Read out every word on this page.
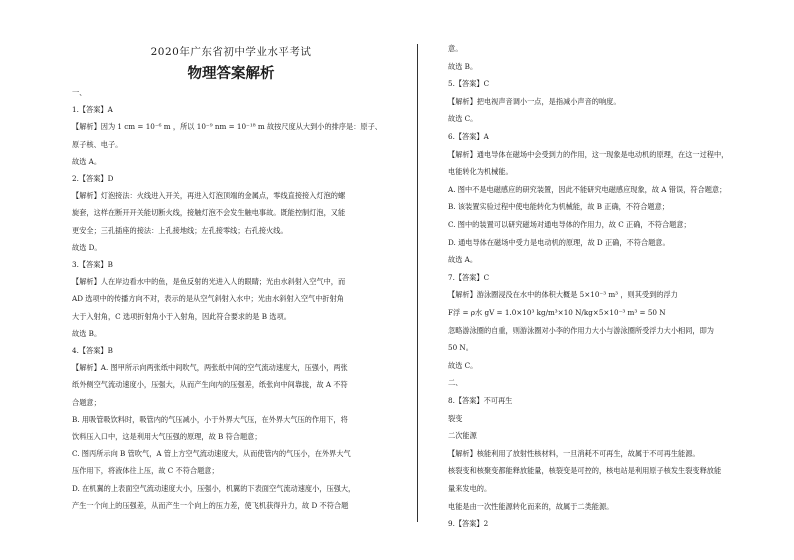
2020年广东省初中学业水平考试
物理答案解析
一、
1.【答案】A
【解析】因为 1 cm = 10⁻⁶ m ，所以 10⁻⁹ nm = 10⁻¹⁸ m 故按尺度从大到小的排序是：原子、
原子核、电子。
故选 A。
2.【答案】D
【解析】灯泡接法：火线进入开关，再进入灯泡顶端的金属点，零线直接接入灯泡的螺
旋套，这样在断开开关能切断火线，接触灯泡不会发生触电事故。既能控制灯泡，又能
更安全；三孔插座的接法：上孔接地线；左孔接零线；右孔接火线。
故选 D。
3.【答案】B
【解析】人在岸边看水中的鱼，是鱼反射的光进入人的眼睛；光由水斜射入空气中，而
AD 选项中的传播方向不对，表示的是从空气斜射入水中；光由水斜射入空气中折射角
大于入射角，C 选项折射角小于入射角，因此符合要求的是 B 选项。
故选 B。
4.【答案】B
【解析】A. 图甲所示向两张纸中间吹气，两张纸中间的空气流动速度大，压强小，两张
纸外侧空气流动速度小，压强大，从而产生向内的压强差，纸张向中间靠拢，故 A 不符
合题意；
B. 用吸管吸饮料时，吸管内的气压减小，小于外界大气压，在外界大气压的作用下，将
饮料压入口中，这是利用大气压强的原理，故 B 符合题意；
C. 图丙所示向 B 管吹气，A 管上方空气流动速度大，从而使管内的气压小，在外界大气
压作用下，将液体往上压，故 C 不符合题意；
D. 在机翼的上表面空气流动速度大小，压强小，机翼的下表面空气流动速度小，压强大，
产生一个向上的压强差，从而产生一个向上的压力差，使飞机获得升力，故 D 不符合题
意。
故选 B。
5.【答案】C
【解析】把电视声音调小一点，是指减小声音的响度。
故选 C。
6.【答案】A
【解析】通电导体在磁场中会受到力的作用，这一现象是电动机的原理，在这一过程中，
电能转化为机械能。
A. 图中不是电磁感应的研究装置，因此不能研究电磁感应现象，故 A 错误，符合题意；
B. 该装置实验过程中使电能转化为机械能，故 B 正确，不符合题意；
C. 图中的装置可以研究磁场对通电导体的作用力，故 C 正确，不符合题意；
D. 通电导体在磁场中受力是电动机的原理，故 D 正确，不符合题意。
故选 A。
7.【答案】C
【解析】游泳圈浸没在水中的体积大概是 5×10⁻³ m³ ，则其受到的浮力
F浮 = ρ水 gV = 1.0×10³ kg/m³×10 N/kg×5×10⁻³ m³ = 50 N
忽略游泳圈的自重，则游泳圈对小李的作用力大小与游泳圈所受浮力大小相同，即为
50 N。
故选 C。
二、
8.【答案】不可再生
裂变
二次能源
【解析】核能利用了放射性核材料，一旦消耗不可再生，故属于不可再生能源。
核裂变和核聚变都能释放能量，核裂变是可控的，核电站是利用原子核发生裂变释放能
量来发电的。
电能是由一次性能源转化而来的，故属于二类能源。
9.【答案】2
